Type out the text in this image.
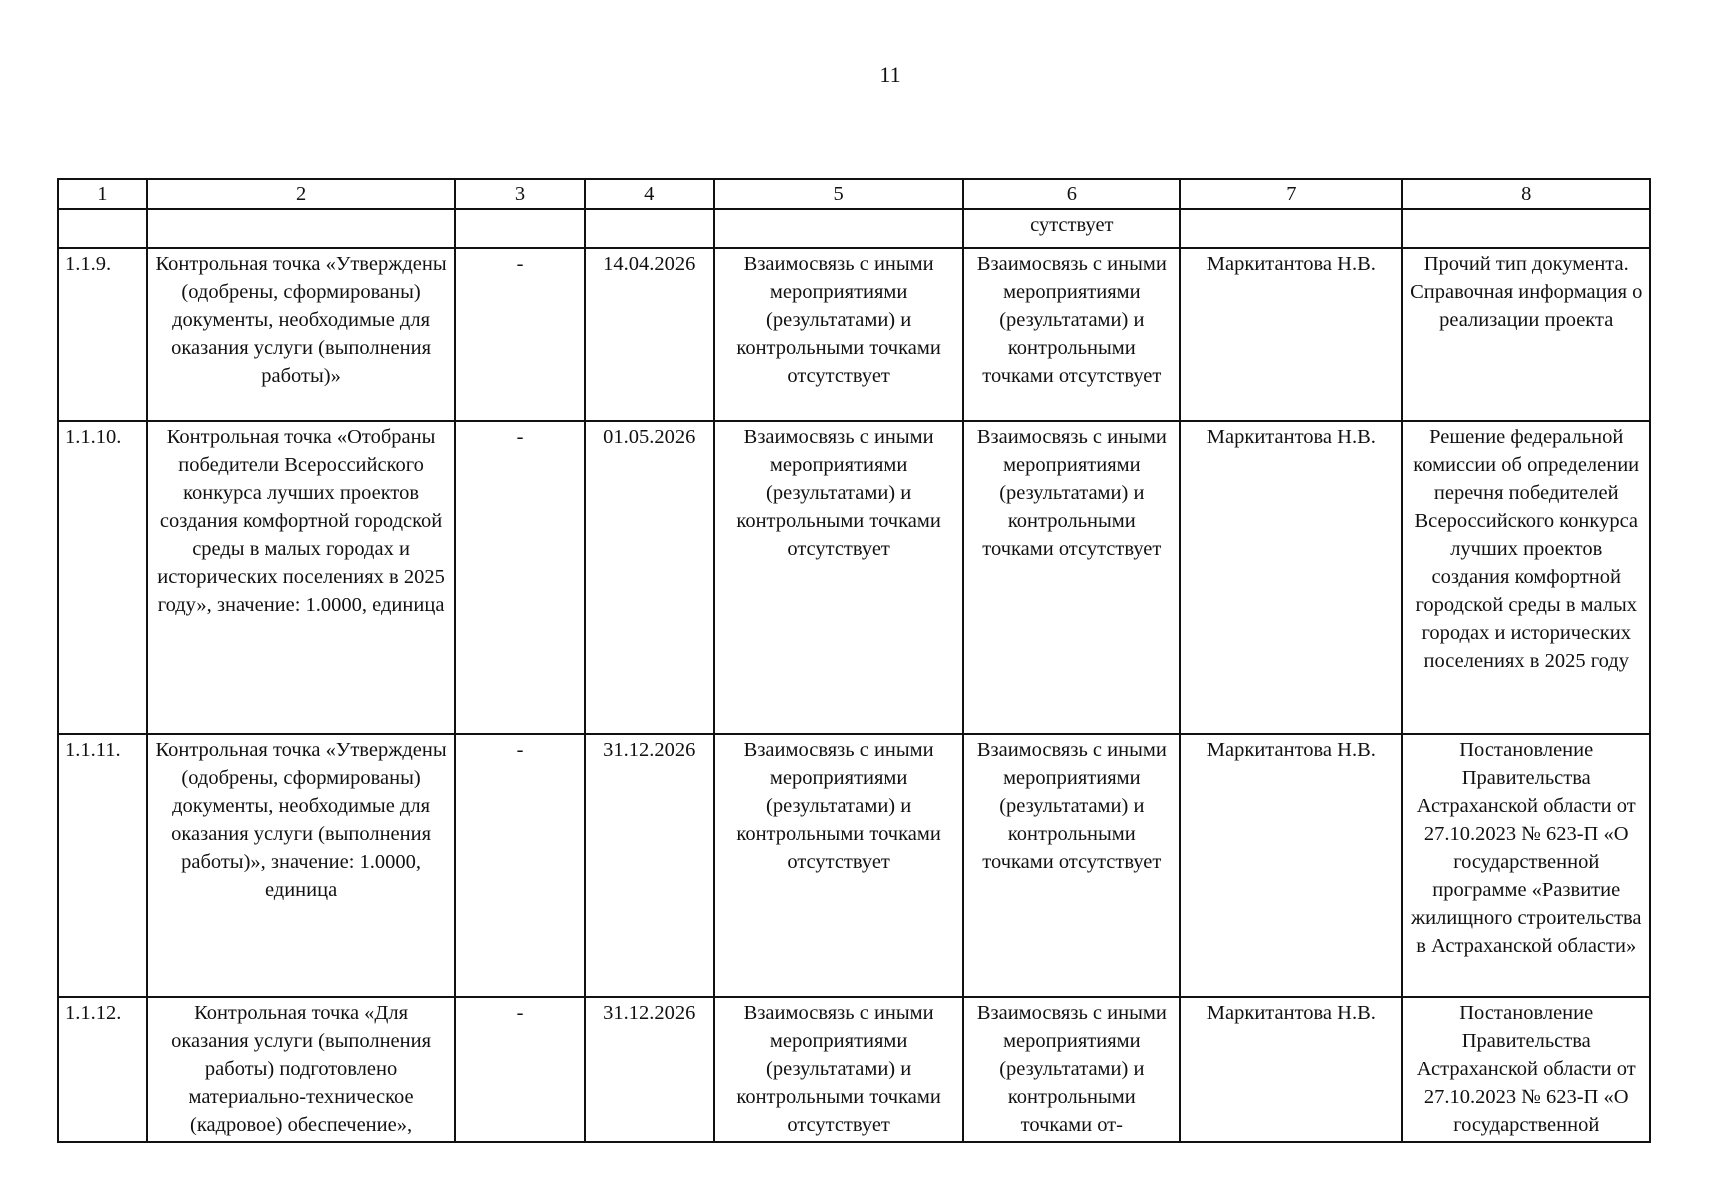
11
1	2	3	4	5	6	7	8
					сутствует		
1.1.9.	Контрольная точка «Утверждены (одобрены, сформированы) документы, необходимые для оказания услуги (выполнения работы)»	-	14.04.2026	Взаимосвязь с иными мероприятиями (результатами) и контрольными точками отсутствует	Взаимосвязь с иными мероприятиями (результатами) и контрольными точками отсутствует	Маркитантова Н.В.	Прочий тип документа. Справочная информация о реализации проекта
1.1.10.	Контрольная точка «Отобраны победители Всероссийского конкурса лучших проектов создания комфортной городской среды в малых городах и исторических поселениях в 2025 году», значение: 1.0000, единица	-	01.05.2026	Взаимосвязь с иными мероприятиями (результатами) и контрольными точками отсутствует	Взаимосвязь с иными мероприятиями (результатами) и контрольными точками отсутствует	Маркитантова Н.В.	Решение федеральной комиссии об определении перечня победителей Всероссийского конкурса лучших проектов создания комфортной городской среды в малых городах и исторических поселениях в 2025 году
1.1.11.	Контрольная точка «Утверждены (одобрены, сформированы) документы, необходимые для оказания услуги (выполнения работы)», значение: 1.0000, единица	-	31.12.2026	Взаимосвязь с иными мероприятиями (результатами) и контрольными точками отсутствует	Взаимосвязь с иными мероприятиями (результатами) и контрольными точками отсутствует	Маркитантова Н.В.	Постановление Правительства Астраханской области от 27.10.2023 № 623-П «О государственной программе «Развитие жилищного строительства в Астраханской области»
1.1.12.	Контрольная точка «Для оказания услуги (выполнения работы) подготовлено материально-техническое (кадровое) обеспечение»,	-	31.12.2026	Взаимосвязь с иными мероприятиями (результатами) и контрольными точками отсутствует	Взаимосвязь с иными мероприятиями (результатами) и контрольными точками от-	Маркитантова Н.В.	Постановление Правительства Астраханской области от 27.10.2023 № 623-П «О государственной
